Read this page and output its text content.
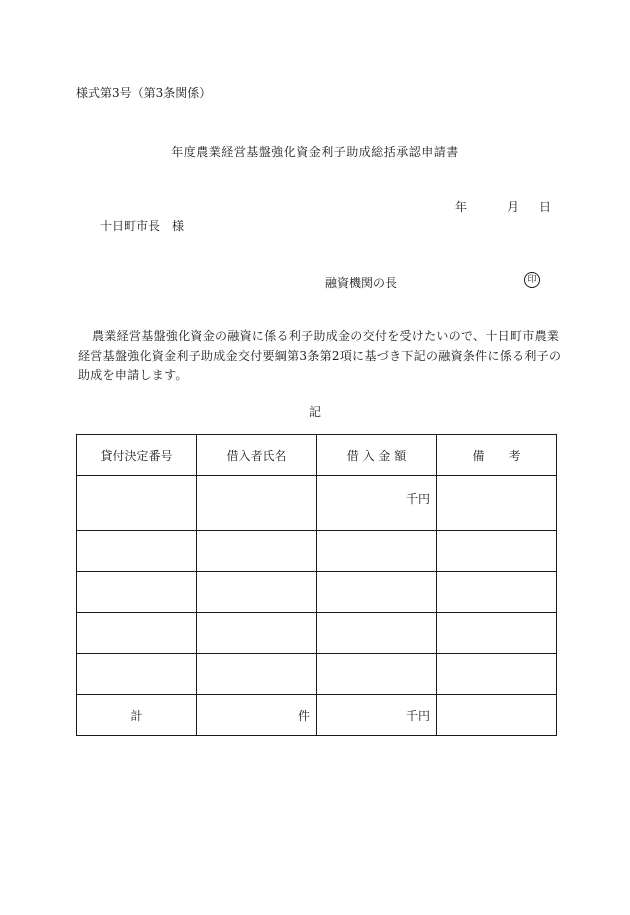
様式第3号（第3条関係）
年度農業経営基盤強化資金利子助成総括承認申請書
年	月 日
十日町市長　様
融資機関の長	印
農業経営基盤強化資金の融資に係る利子助成金の交付を受けたいので、十日町市農業経営基盤強化資金利子助成金交付要綱第3条第2項に基づき下記の融資条件に係る利子の助成を申請します。
記
貸付決定番号	借入者氏名	借 入 金 額	備　　考
		千円	

計	件	千円	
